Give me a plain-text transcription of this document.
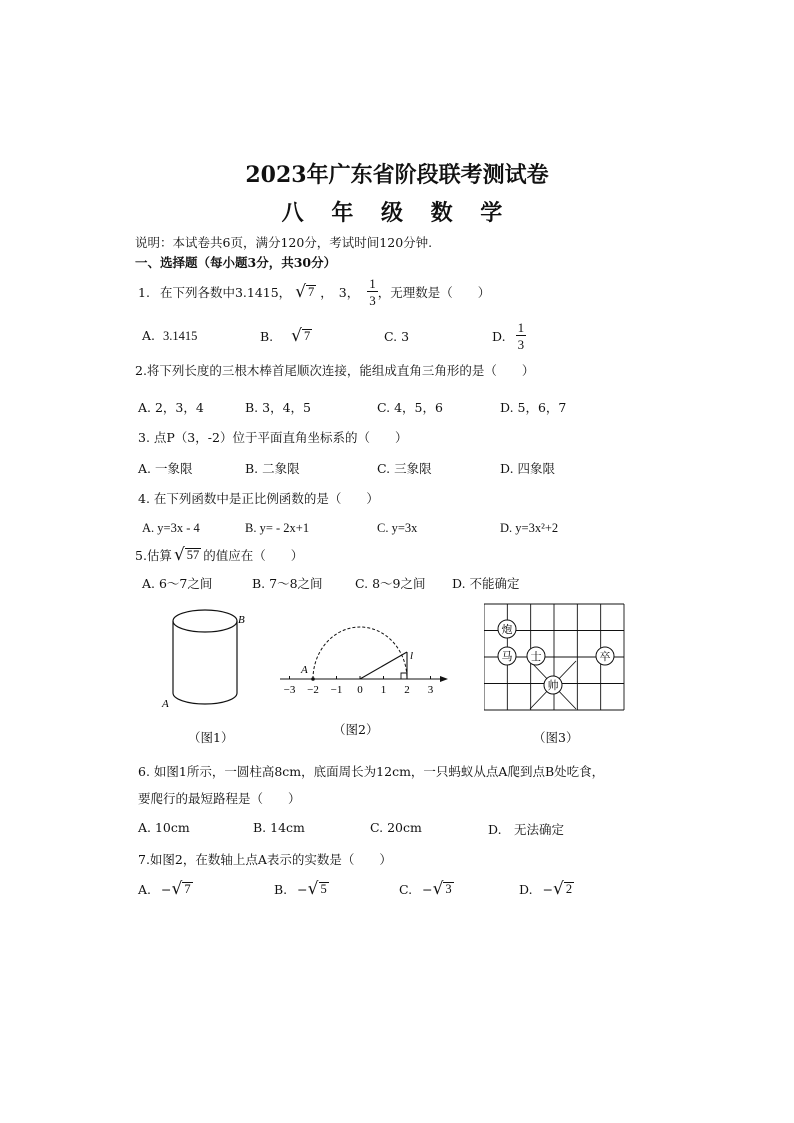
2023年广东省阶段联考测试卷
八 年 级 数 学
说明：本试卷共6页，满分120分，考试时间120分钟.
一、选择题（每小题3分，共30分）
1. 在下列各数中3.1415， √ 7 ， 3， $\frac{1}{3}$ ，无理数是（　　）
A. 3.1415	B. √ 7	C. 3	D. $\frac{1}{3}$
2.将下列长度的三根木棒首尾顺次连接，能组成直角三角形的是（　　）
A. 2，3，4	B. 3，4，5	C. 4，5，6	D. 5，6，7
3. 点P（3，-2）位于平面直角坐标系的（　　）
A. 一象限	B. 二象限	C. 三象限	D. 四象限
4. 在下列函数中是正比例函数的是（　　）
A. y=3x - 4	B. y= - 2x+1	C. y=3x	D. y=3x²+2
5.估算 √ 57 的值应在（　　）
A. 6～7之间	B. 7～8之间	C. 8～9之间 D. 不能确定
A
B
（图1）
A
l
−3 −2 −1 0 1 2 3
（图2）
炮
马 士	卒
帅
（图3）
6. 如图1所示，一圆柱高8cm，底面周长为12cm，一只蚂蚁从点A爬到点B处吃食，
要爬行的最短路程是（　　）
A. 10cm	B. 14cm	C. 20cm	D.　无法确定
7.如图2，在数轴上点A表示的实数是（　　）
A. − √ 7	B. − √ 5	C. − √ 3	D. − √ 2
